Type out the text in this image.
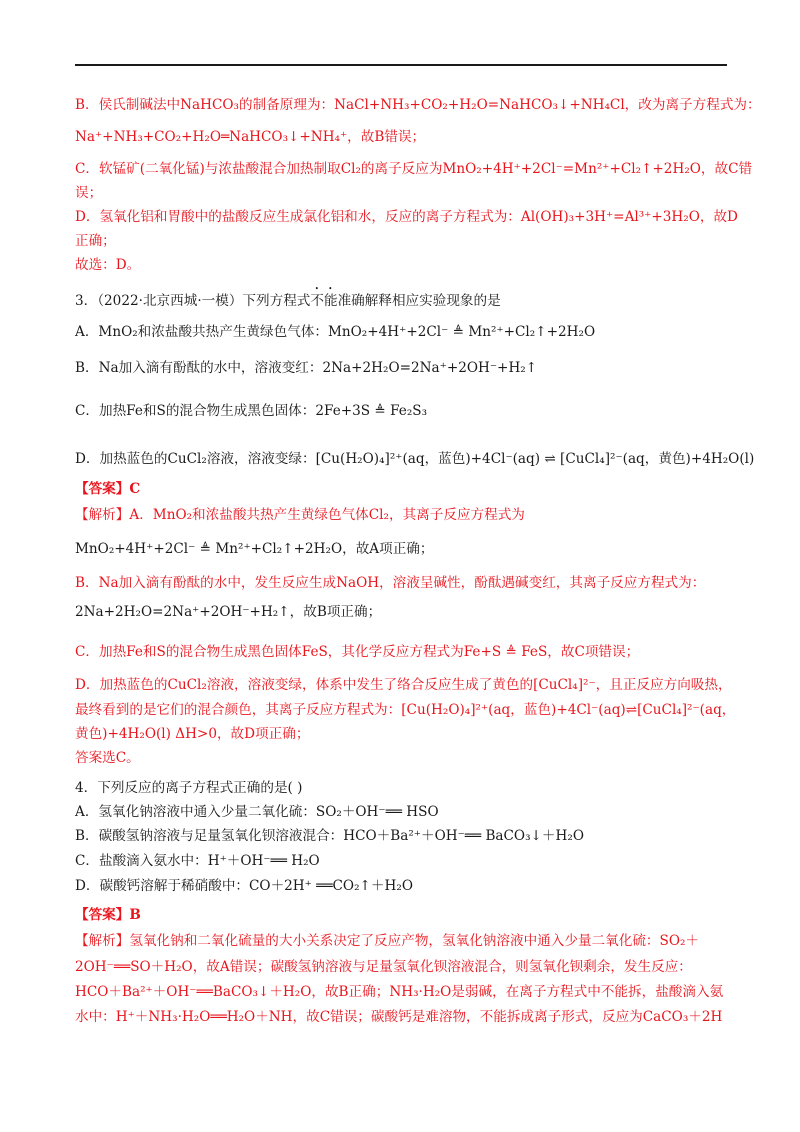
B．侯氏制碱法中NaHCO₃的制备原理为：NaCl+NH₃+CO₂+H₂O=NaHCO₃↓+NH₄Cl，改为离子方程式为：
Na⁺+NH₃+CO₂+H₂O═NaHCO₃↓+NH₄⁺，故B错误；
C．软锰矿(二氧化锰)与浓盐酸混合加热制取Cl₂的离子反应为MnO₂+4H⁺+2Cl⁻=Mn²⁺+Cl₂↑+2H₂O，故C错
误；
D．氢氧化铝和胃酸中的盐酸反应生成氯化铝和水，反应的离子方程式为：Al(OH)₃+3H⁺=Al³⁺+3H₂O，故D
正确；
故选：D。
3．（2022·北京西城·一模）下列方程式不能准确解释相应实验现象的是
A．MnO₂和浓盐酸共热产生黄绿色气体：MnO₂+4H⁺+2Cl⁻ ≜ Mn²⁺+Cl₂↑+2H₂O
B．Na加入滴有酚酞的水中，溶液变红：2Na+2H₂O=2Na⁺+2OH⁻+H₂↑
C．加热Fe和S的混合物生成黑色固体：2Fe+3S ≜ Fe₂S₃
D．加热蓝色的CuCl₂溶液，溶液变绿：[Cu(H₂O)₄]²⁺(aq，蓝色)+4Cl⁻(aq) ⇌ [CuCl₄]²⁻(aq，黄色)+4H₂O(l)
【答案】C
【解析】A．MnO₂和浓盐酸共热产生黄绿色气体Cl₂，其离子反应方程式为
MnO₂+4H⁺+2Cl⁻ ≜ Mn²⁺+Cl₂↑+2H₂O，故A项正确；
B．Na加入滴有酚酞的水中，发生反应生成NaOH，溶液呈碱性，酚酞遇碱变红，其离子反应方程式为：
2Na+2H₂O=2Na⁺+2OH⁻+H₂↑，故B项正确；
C．加热Fe和S的混合物生成黑色固体FeS，其化学反应方程式为Fe+S ≜ FeS，故C项错误；
D．加热蓝色的CuCl₂溶液，溶液变绿，体系中发生了络合反应生成了黄色的[CuCl₄]²⁻，且正反应方向吸热，
最终看到的是它们的混合颜色，其离子反应方程式为：[Cu(H₂O)₄]²⁺(aq，蓝色)+4Cl⁻(aq)⇌[CuCl₄]²⁻(aq，
黄色)+4H₂O(l) ΔH>0，故D项正确；
答案选C。
4．下列反应的离子方程式正确的是( )
A．氢氧化钠溶液中通入少量二氧化硫：SO₂＋OH⁻══ HSO
B．碳酸氢钠溶液与足量氢氧化钡溶液混合：HCO＋Ba²⁺＋OH⁻══ BaCO₃↓＋H₂O
C．盐酸滴入氨水中：H⁺＋OH⁻══ H₂O
D．碳酸钙溶解于稀硝酸中：CO＋2H⁺ ══CO₂↑＋H₂O
【答案】B
【解析】氢氧化钠和二氧化硫量的大小关系决定了反应产物，氢氧化钠溶液中通入少量二氧化硫：SO₂＋
2OH⁻══SO＋H₂O，故A错误；碳酸氢钠溶液与足量氢氧化钡溶液混合，则氢氧化钡剩余，发生反应：
HCO＋Ba²⁺＋OH⁻══BaCO₃↓＋H₂O，故B正确；NH₃·H₂O是弱碱，在离子方程式中不能拆，盐酸滴入氨
水中：H⁺＋NH₃·H₂O══H₂O＋NH，故C错误；碳酸钙是难溶物，不能拆成离子形式，反应为CaCO₃＋2H
